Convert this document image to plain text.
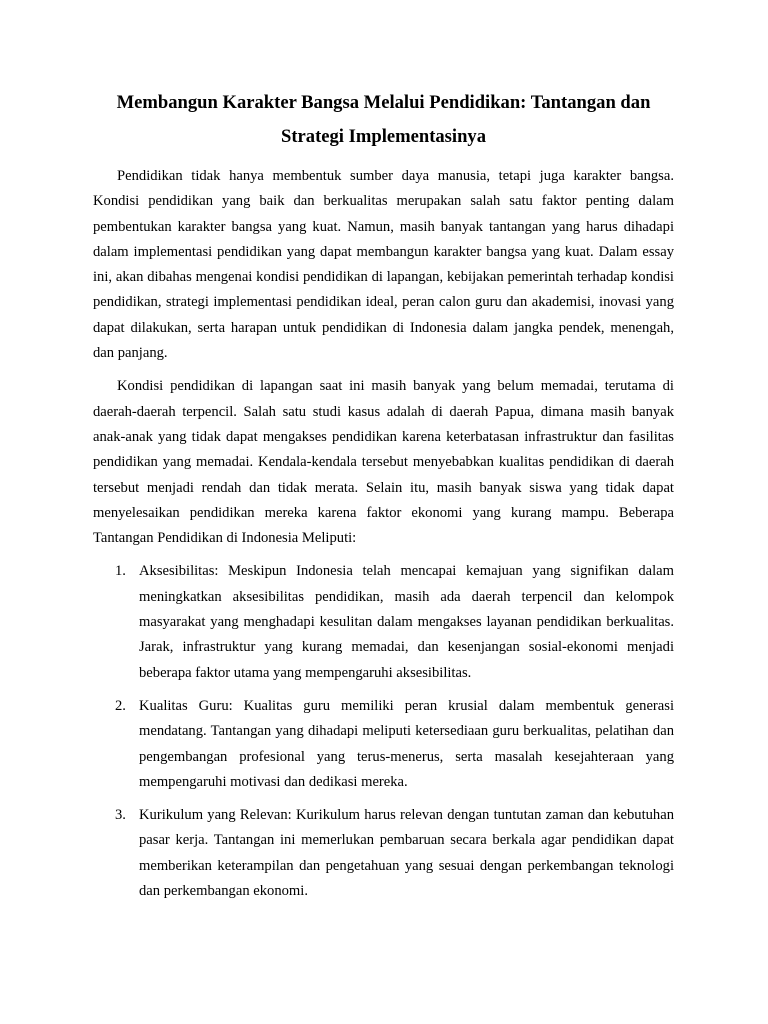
Membangun Karakter Bangsa Melalui Pendidikan: Tantangan dan Strategi Implementasinya

Pendidikan tidak hanya membentuk sumber daya manusia, tetapi juga karakter bangsa. Kondisi pendidikan yang baik dan berkualitas merupakan salah satu faktor penting dalam pembentukan karakter bangsa yang kuat. Namun, masih banyak tantangan yang harus dihadapi dalam implementasi pendidikan yang dapat membangun karakter bangsa yang kuat. Dalam essay ini, akan dibahas mengenai kondisi pendidikan di lapangan, kebijakan pemerintah terhadap kondisi pendidikan, strategi implementasi pendidikan ideal, peran calon guru dan akademisi, inovasi yang dapat dilakukan, serta harapan untuk pendidikan di Indonesia dalam jangka pendek, menengah, dan panjang.

Kondisi pendidikan di lapangan saat ini masih banyak yang belum memadai, terutama di daerah-daerah terpencil. Salah satu studi kasus adalah di daerah Papua, dimana masih banyak anak-anak yang tidak dapat mengakses pendidikan karena keterbatasan infrastruktur dan fasilitas pendidikan yang memadai. Kendala-kendala tersebut menyebabkan kualitas pendidikan di daerah tersebut menjadi rendah dan tidak merata. Selain itu, masih banyak siswa yang tidak dapat menyelesaikan pendidikan mereka karena faktor ekonomi yang kurang mampu. Beberapa Tantangan Pendidikan di Indonesia Meliputi:

1. Aksesibilitas: Meskipun Indonesia telah mencapai kemajuan yang signifikan dalam meningkatkan aksesibilitas pendidikan, masih ada daerah terpencil dan kelompok masyarakat yang menghadapi kesulitan dalam mengakses layanan pendidikan berkualitas. Jarak, infrastruktur yang kurang memadai, dan kesenjangan sosial-ekonomi menjadi beberapa faktor utama yang mempengaruhi aksesibilitas.
2. Kualitas Guru: Kualitas guru memiliki peran krusial dalam membentuk generasi mendatang. Tantangan yang dihadapi meliputi ketersediaan guru berkualitas, pelatihan dan pengembangan profesional yang terus-menerus, serta masalah kesejahteraan yang mempengaruhi motivasi dan dedikasi mereka.
3. Kurikulum yang Relevan: Kurikulum harus relevan dengan tuntutan zaman dan kebutuhan pasar kerja. Tantangan ini memerlukan pembaruan secara berkala agar pendidikan dapat memberikan keterampilan dan pengetahuan yang sesuai dengan perkembangan teknologi dan perkembangan ekonomi.
